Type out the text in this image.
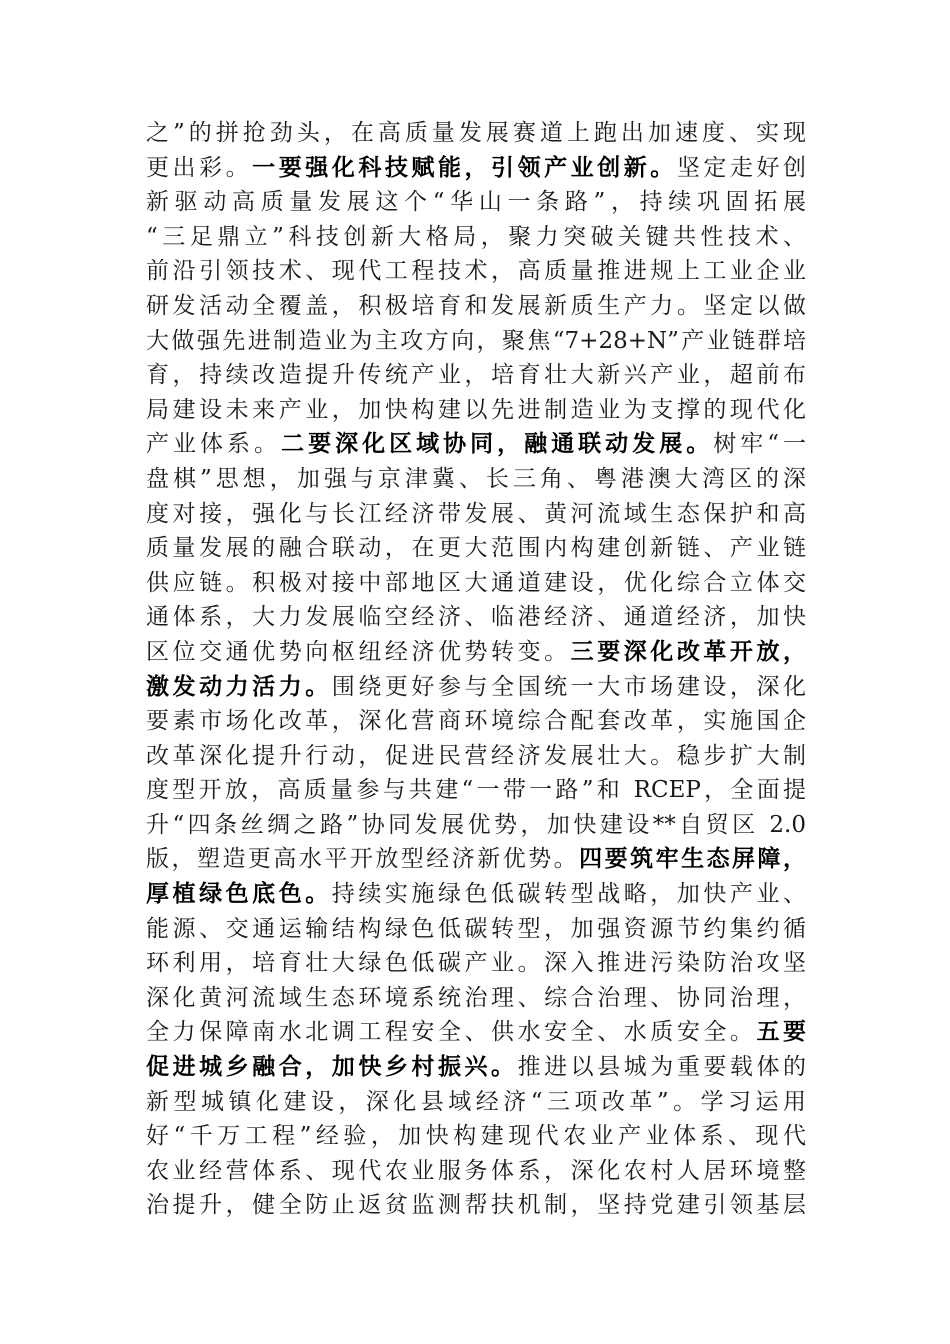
之”的拼抢劲头，在高质量发展赛道上跑出加速度、实现
更出彩。一要强化科技赋能，引领产业创新。坚定走好创
新驱动高质量发展这个“华山一条路”，持续巩固拓展
“三足鼎立”科技创新大格局，聚力突破关键共性技术、
前沿引领技术、现代工程技术，高质量推进规上工业企业
研发活动全覆盖，积极培育和发展新质生产力。坚定以做
大做强先进制造业为主攻方向，聚焦“7+28+N”产业链群培
育，持续改造提升传统产业，培育壮大新兴产业，超前布
局建设未来产业，加快构建以先进制造业为支撑的现代化
产业体系。二要深化区域协同，融通联动发展。树牢“一
盘棋”思想，加强与京津冀、长三角、粤港澳大湾区的深
度对接，强化与长江经济带发展、黄河流域生态保护和高
质量发展的融合联动，在更大范围内构建创新链、产业链
供应链。积极对接中部地区大通道建设，优化综合立体交
通体系，大力发展临空经济、临港经济、通道经济，加快
区位交通优势向枢纽经济优势转变。三要深化改革开放，
激发动力活力。围绕更好参与全国统一大市场建设，深化
要素市场化改革，深化营商环境综合配套改革，实施国企
改革深化提升行动，促进民营经济发展壮大。稳步扩大制
度型开放，高质量参与共建“一带一路”和 RCEP，全面提
升“四条丝绸之路”协同发展优势，加快建设**自贸区 2.0
版，塑造更高水平开放型经济新优势。四要筑牢生态屏障，
厚植绿色底色。持续实施绿色低碳转型战略，加快产业、
能源、交通运输结构绿色低碳转型，加强资源节约集约循
环利用，培育壮大绿色低碳产业。深入推进污染防治攻坚
深化黄河流域生态环境系统治理、综合治理、协同治理，
全力保障南水北调工程安全、供水安全、水质安全。五要
促进城乡融合，加快乡村振兴。推进以县城为重要载体的
新型城镇化建设，深化县域经济“三项改革”。学习运用
好“千万工程”经验，加快构建现代农业产业体系、现代
农业经营体系、现代农业服务体系，深化农村人居环境整
治提升，健全防止返贫监测帮扶机制，坚持党建引领基层
